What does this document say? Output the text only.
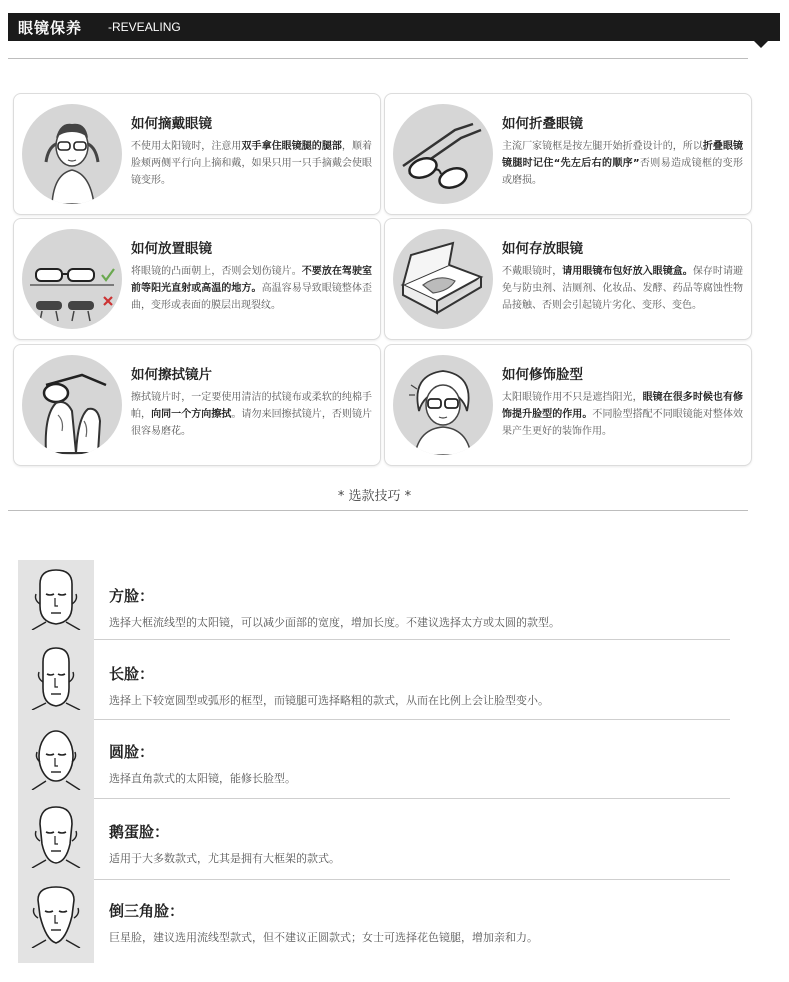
眼镜保养 -REVEALING
如何摘戴眼镜
不使用太阳镜时，注意用双手拿住眼镜腿的腿部，顺着脸颊两侧平行向上摘和戴，如果只用一只手摘戴会使眼镜变形。
如何折叠眼镜
主流厂家镜框是按左腿开始折叠设计的，所以折叠眼镜镜腿时记住“先左后右的顺序”否则易造成镜框的变形或磨损。
如何放置眼镜
将眼镜的凸面朝上，否则会划伤镜片。不要放在驾驶室前等阳光直射或高温的地方。高温容易导致眼镜整体歪曲，变形或表面的膜层出现裂纹。
如何存放眼镜
不戴眼镜时，请用眼镜布包好放入眼镜盒。保存时请避免与防虫剂、洁厕剂、化妆品、发酵、药品等腐蚀性物品接触、否则会引起镜片劣化、变形、变色。
如何擦拭镜片
擦拭镜片时，一定要使用清洁的拭镜布或柔软的纯棉手帕，向同一个方向擦拭。请勿来回擦拭镜片，否则镜片很容易磨花。
如何修饰脸型
太阳眼镜作用不只是遮挡阳光，眼镜在很多时候也有修饰提升脸型的作用。不同脸型搭配不同眼镜能对整体效果产生更好的装饰作用。
* 选款技巧 *
方脸：
选择大框流线型的太阳镜，可以减少面部的宽度，增加长度。不建议选择太方或太圆的款型。
长脸：
选择上下较宽圆型或弧形的框型，而镜腿可选择略粗的款式，从而在比例上会让脸型变小。
圆脸：
选择直角款式的太阳镜，能修长脸型。
鹅蛋脸：
适用于大多数款式，尤其是拥有大框架的款式。
倒三角脸：
巨星脸，建议选用流线型款式，但不建议正圆款式；女士可选择花色镜腿，增加亲和力。
